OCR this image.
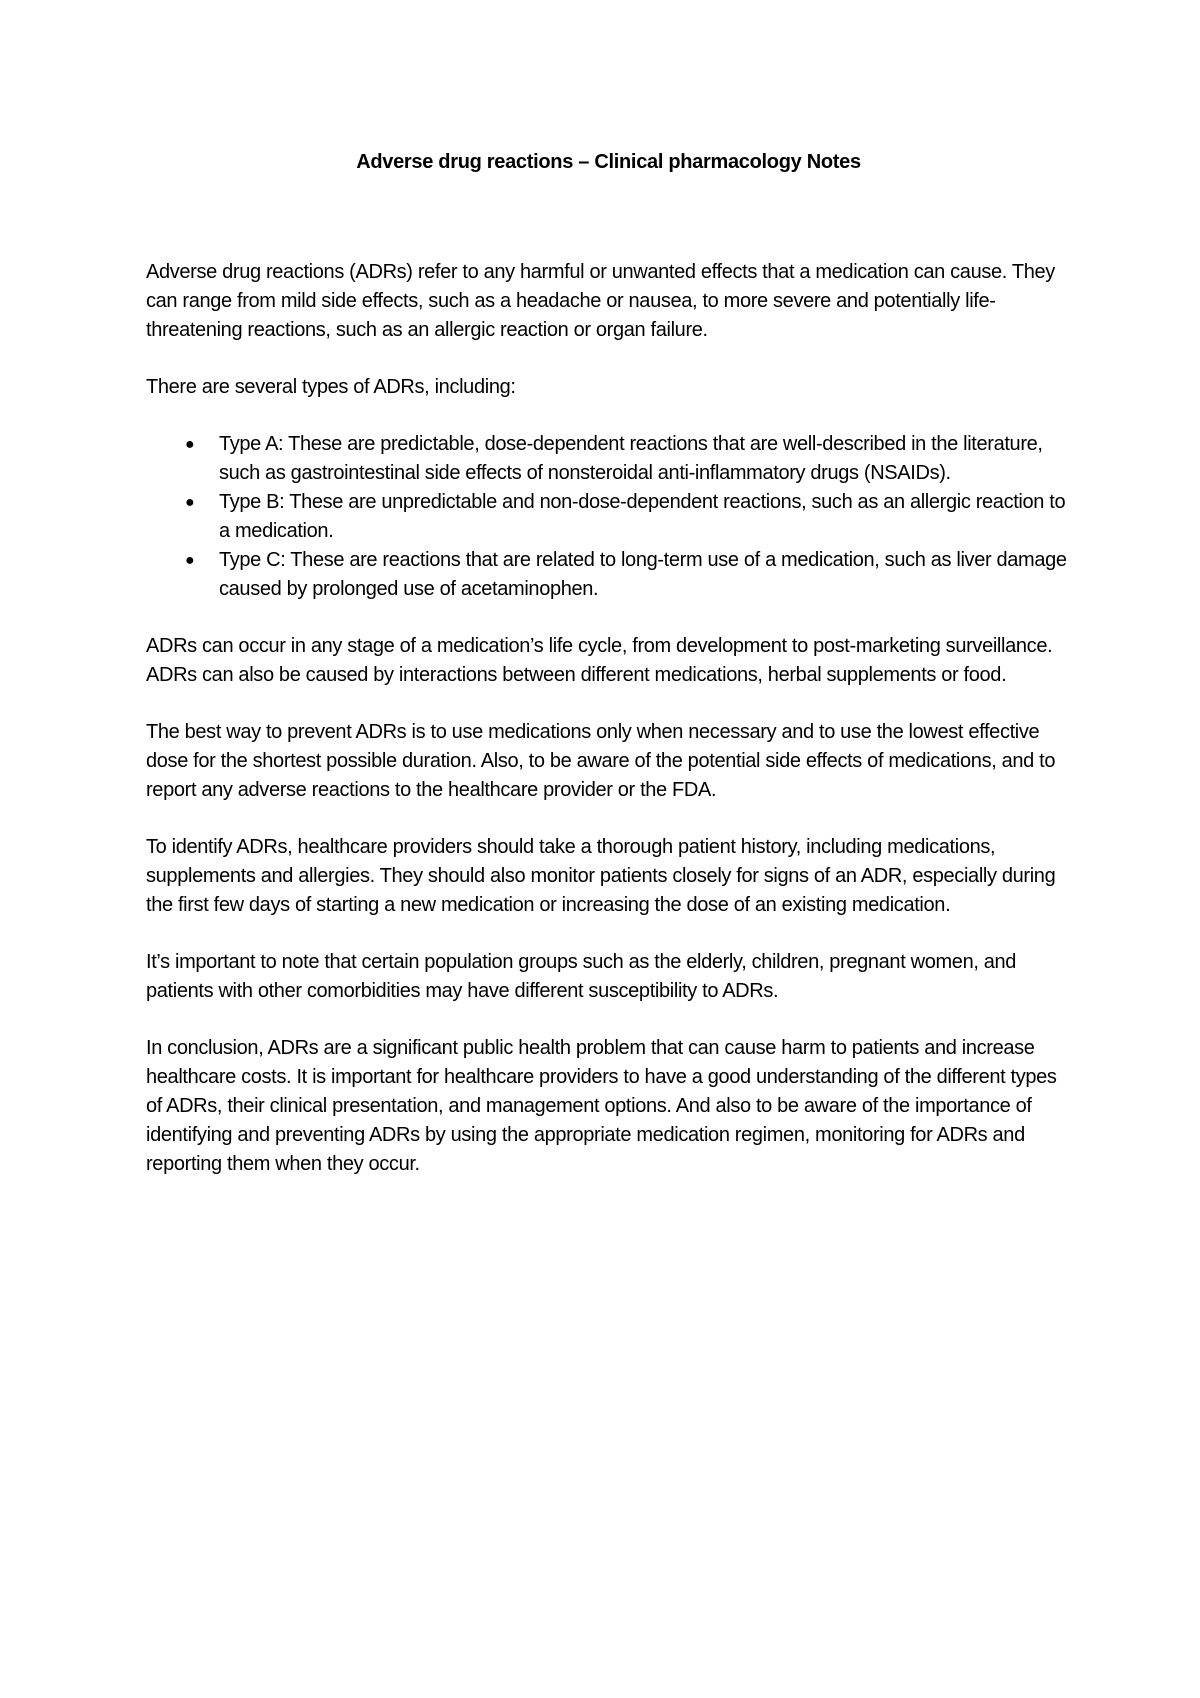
Adverse drug reactions – Clinical pharmacology Notes

Adverse drug reactions (ADRs) refer to any harmful or unwanted effects that a medication can cause. They can range from mild side effects, such as a headache or nausea, to more severe and potentially life-threatening reactions, such as an allergic reaction or organ failure.

There are several types of ADRs, including:

● Type A: These are predictable, dose-dependent reactions that are well-described in the literature, such as gastrointestinal side effects of nonsteroidal anti-inflammatory drugs (NSAIDs).
● Type B: These are unpredictable and non-dose-dependent reactions, such as an allergic reaction to a medication.
● Type C: These are reactions that are related to long-term use of a medication, such as liver damage caused by prolonged use of acetaminophen.

ADRs can occur in any stage of a medication’s life cycle, from development to post-marketing surveillance. ADRs can also be caused by interactions between different medications, herbal supplements or food.

The best way to prevent ADRs is to use medications only when necessary and to use the lowest effective dose for the shortest possible duration. Also, to be aware of the potential side effects of medications, and to report any adverse reactions to the healthcare provider or the FDA.

To identify ADRs, healthcare providers should take a thorough patient history, including medications, supplements and allergies. They should also monitor patients closely for signs of an ADR, especially during the first few days of starting a new medication or increasing the dose of an existing medication.

It’s important to note that certain population groups such as the elderly, children, pregnant women, and patients with other comorbidities may have different susceptibility to ADRs.

In conclusion, ADRs are a significant public health problem that can cause harm to patients and increase healthcare costs. It is important for healthcare providers to have a good understanding of the different types of ADRs, their clinical presentation, and management options. And also to be aware of the importance of identifying and preventing ADRs by using the appropriate medication regimen, monitoring for ADRs and reporting them when they occur.
